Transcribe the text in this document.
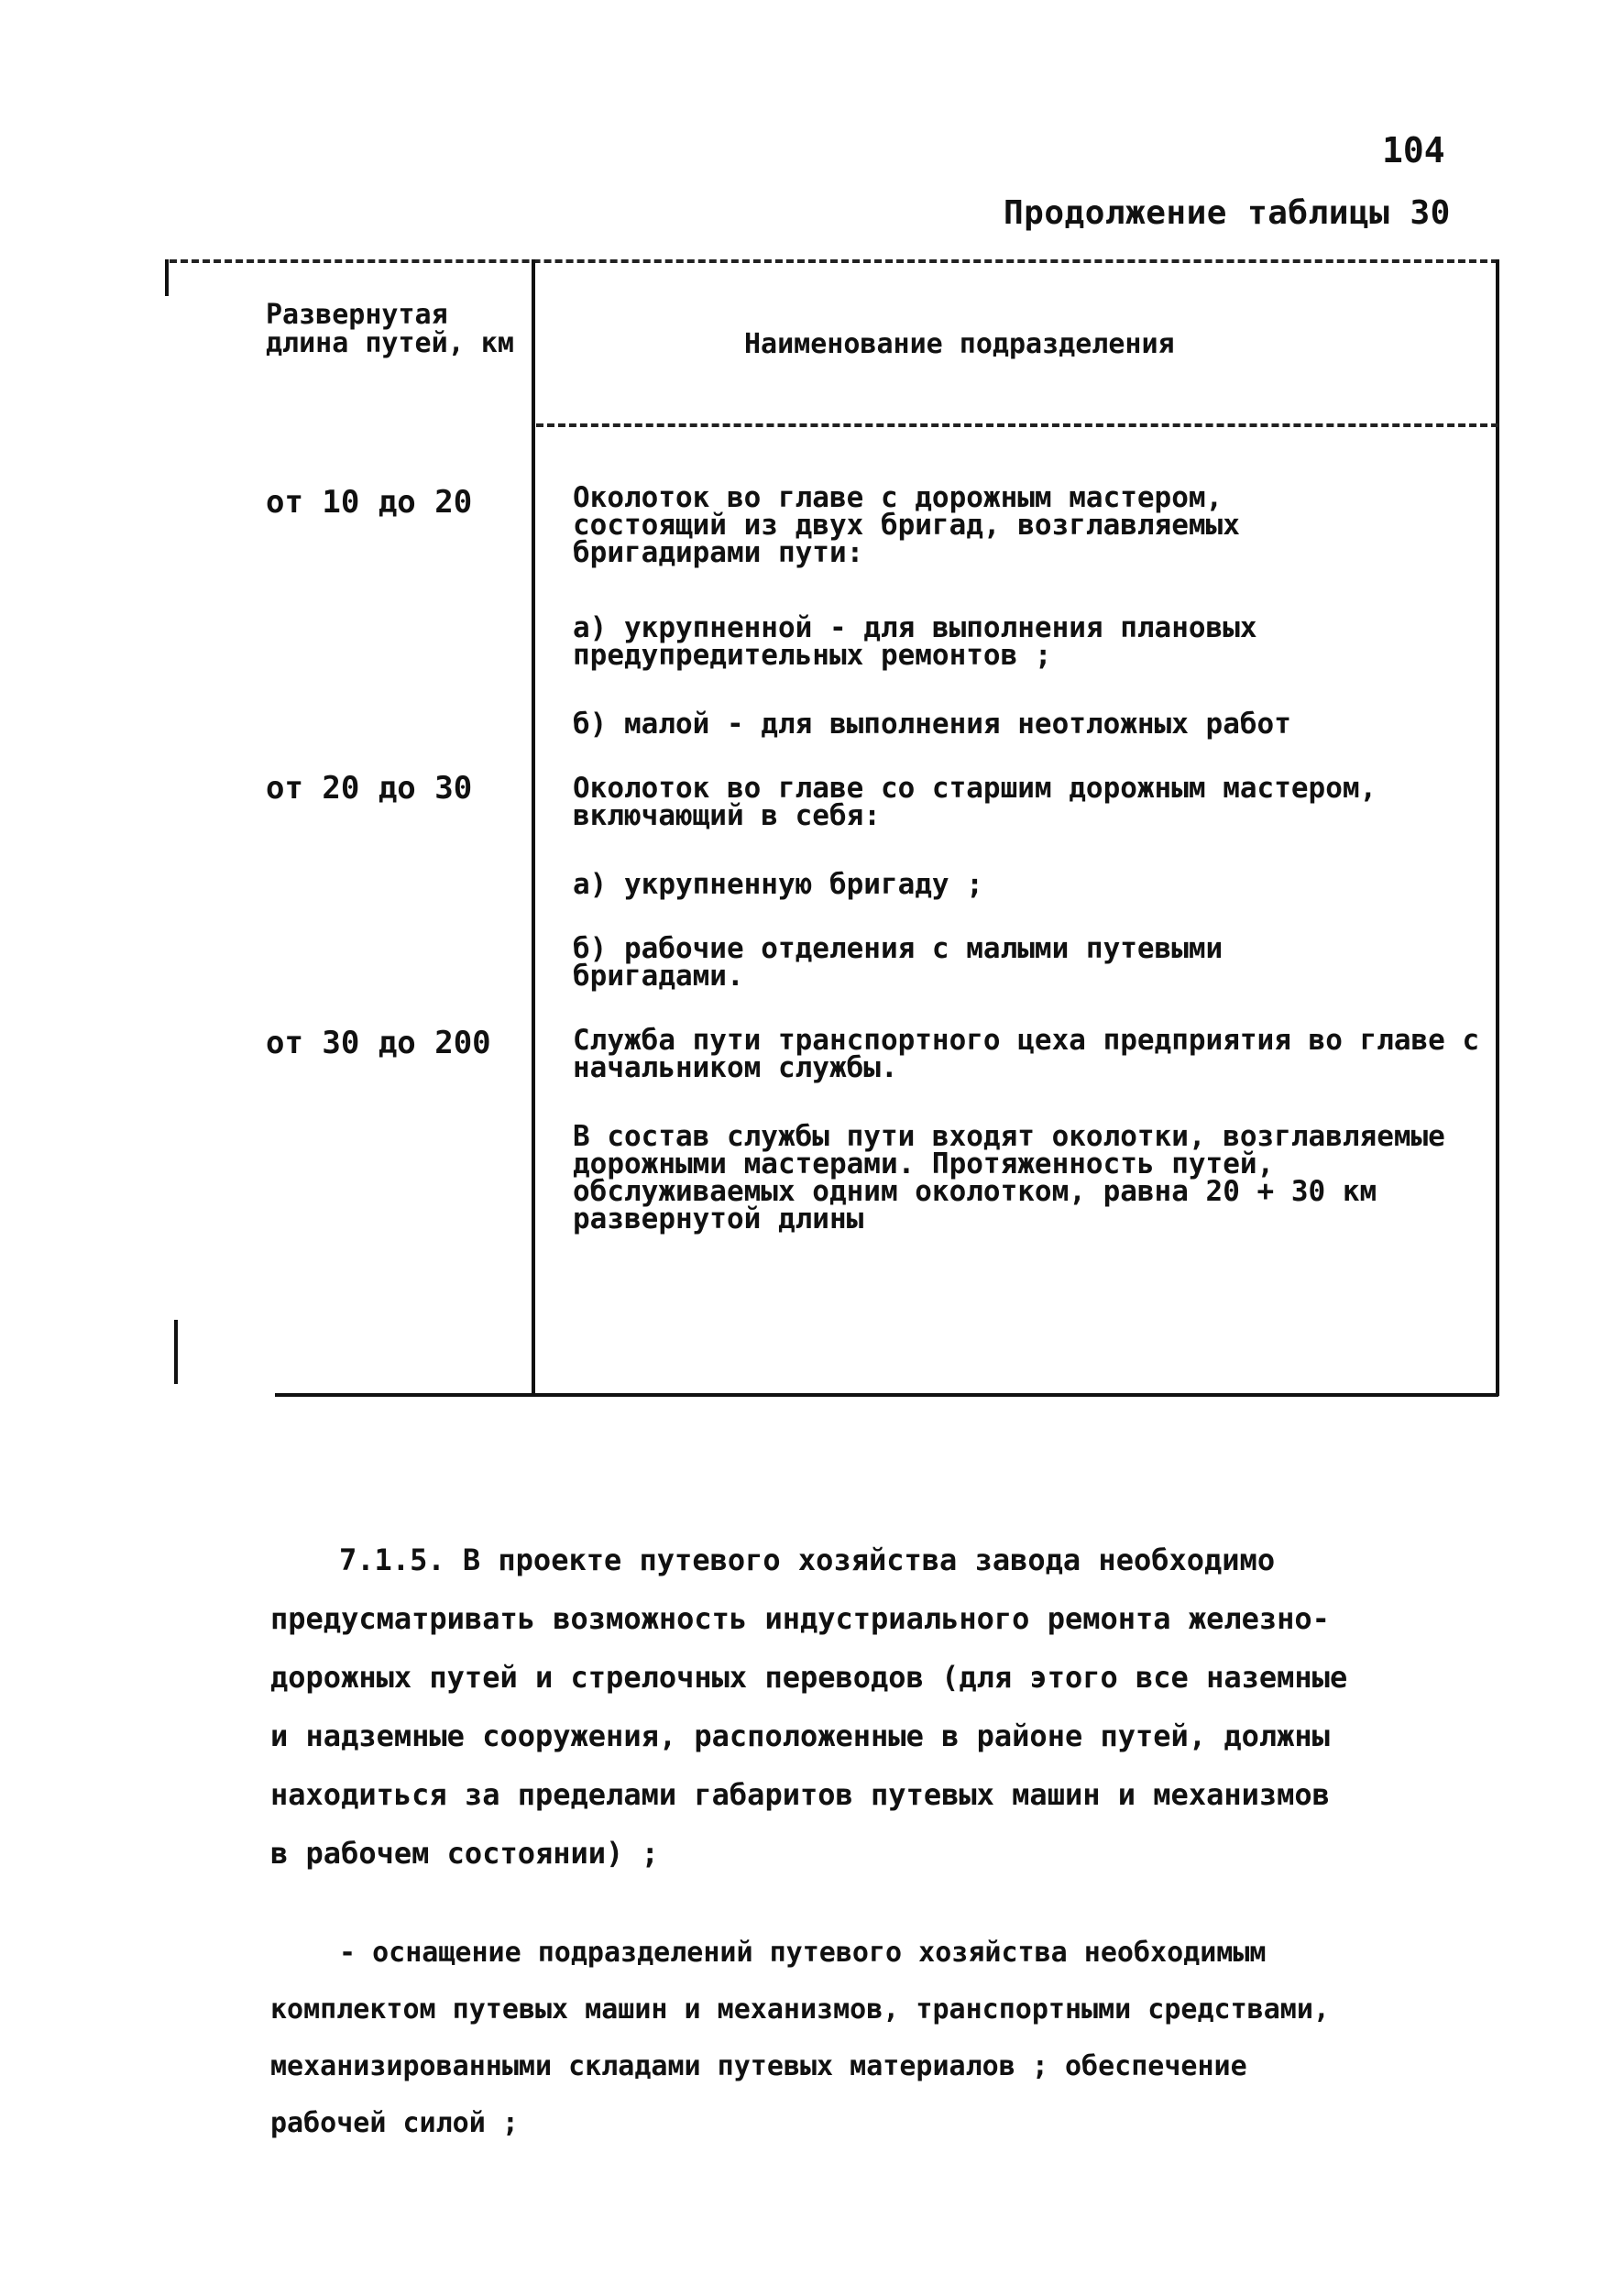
104
Продолжение таблицы 30
Развернутая длина путей, км	Наименование подразделения
от 10 до 20	Околоток во главе с дорожным мастером, состоящий из двух бригад, возглавляемых бригадирами пути:

а) укрупненной - для выполнения плановых предупредительных ремонтов ;

б) малой - для выполнения неотложных работ

от 20 до 30	Околоток во главе со старшим дорожным мастером, включающий в себя:

а) укрупненную бригаду ;

б) рабочие отделения с малыми путевыми бригадами.

от 30 до 200	Служба пути транспортного цеха предприятия во главе с начальником службы.

В состав службы пути входят околотки, возглавляемые дорожными мастерами. Протяженность путей, обслуживаемых одним околотком, равна 20 + 30 км развернутой длины

7.1.5. В проекте путевого хозяйства завода необходимо
предусматривать возможность индустриального ремонта железно-
дорожных путей и стрелочных переводов (для этого все наземные
и надземные сооружения, расположенные в районе путей, должны
находиться за пределами габаритов путевых машин и механизмов
в рабочем состоянии) ;
- оснащение подразделений путевого хозяйства необходимым
комплектом путевых машин и механизмов, транспортными средствами,
механизированными складами путевых материалов ; обеспечение
рабочей силой ;
